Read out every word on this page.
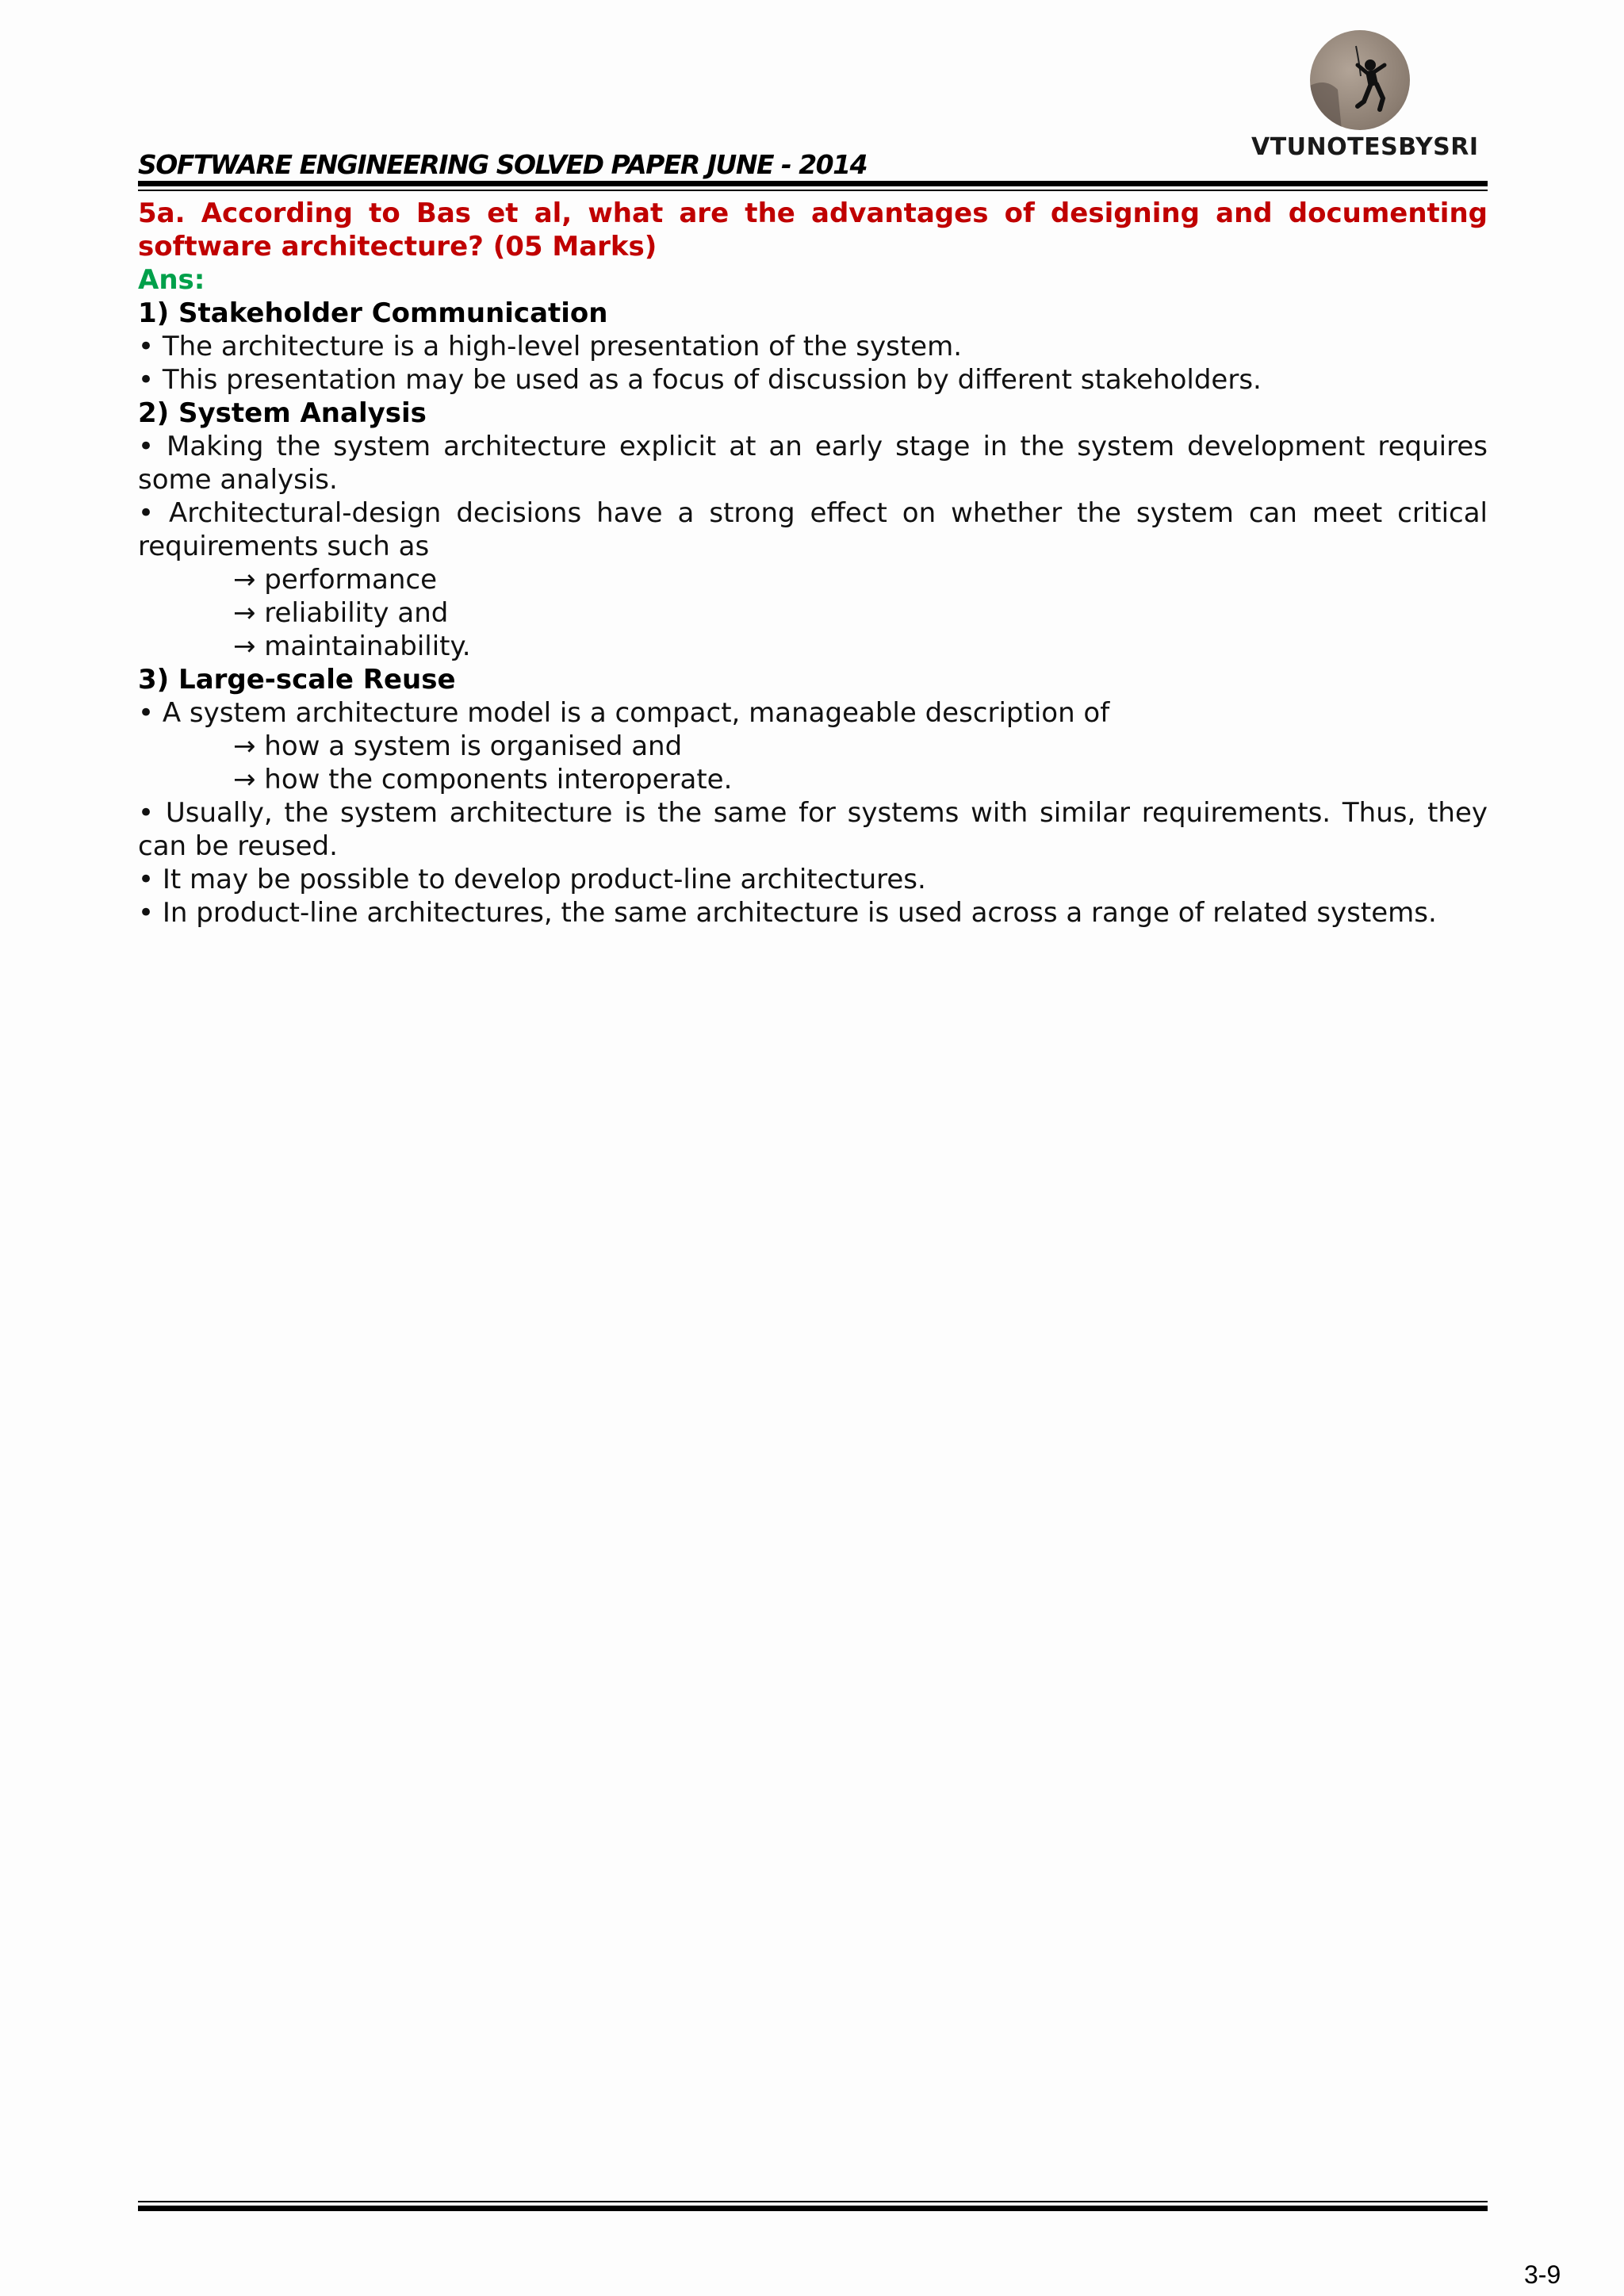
VTUNOTESBYSRI
SOFTWARE ENGINEERING SOLVED PAPER JUNE - 2014

5a. According to Bas et al, what are the advantages of designing and documenting software architecture? (05 Marks)

Ans:

1) Stakeholder Communication

• The architecture is a high-level presentation of the system.

• This presentation may be used as a focus of discussion by different stakeholders.

2) System Analysis

• Making the system architecture explicit at an early stage in the system development requires some analysis.

• Architectural-design decisions have a strong effect on whether the system can meet critical requirements such as

→ performance

→ reliability and

→ maintainability.

3) Large-scale Reuse

• A system architecture model is a compact, manageable description of

→ how a system is organised and

→ how the components interoperate.

• Usually, the system architecture is the same for systems with similar requirements. Thus, they can be reused.

• It may be possible to develop product-line architectures.

• In product-line architectures, the same architecture is used across a range of related systems.

3-9
